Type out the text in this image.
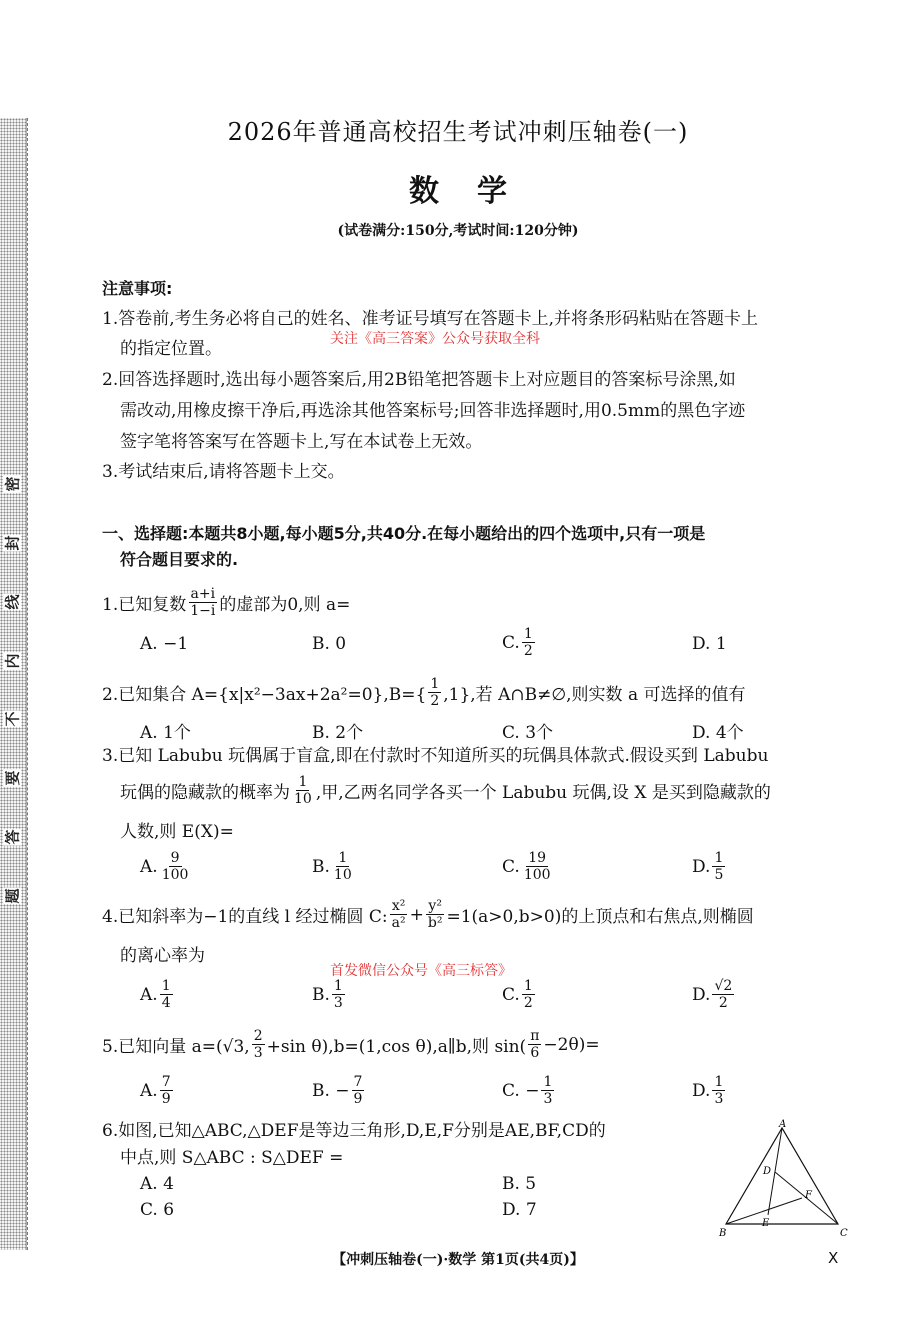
密
封
线
内
不
要
答
题
2026年普通高校招生考试冲刺压轴卷(一)
数学
(试卷满分:150分,考试时间:120分钟)
注意事项:
1.答卷前,考生务必将自己的姓名、准考证号填写在答题卡上,并将条形码粘贴在答题卡上
关注《高三答案》公众号获取全科
的指定位置。
2.回答选择题时,选出每小题答案后,用2B铅笔把答题卡上对应题目的答案标号涂黑,如
需改动,用橡皮擦干净后,再选涂其他答案标号;回答非选择题时,用0.5mm的黑色字迹
签字笔将答案写在答题卡上,写在本试卷上无效。
3.考试结束后,请将答题卡上交。
一、选择题:本题共8小题,每小题5分,共40分.在每小题给出的四个选项中,只有一项是
符合题目要求的.
1.已知复数 $\frac{a+i}{1-i}$ 的虚部为0,则 a=
A. −1	B. 0	C. $\frac{1}{2}$	D. 1
2.已知集合 $A=\{x|x^2-3ax+2a^2=0\},B=\{ \frac{1}{2} ,1\}$,若 A∩B≠∅,则实数 a 可选择的值有
A. 1个	B. 2个	C. 3个	D. 4个
3.已知 Labubu 玩偶属于盲盒,即在付款时不知道所买的玩偶具体款式.假设买到 Labubu
玩偶的隐藏款的概率为 $\frac{1}{10}$ ,甲,乙两名同学各买一个 Labubu 玩偶,设 X 是买到隐藏款的
人数,则 E(X)=
A. $\frac{9}{100}$	B. $\frac{1}{10}$	C. $\frac{19}{100}$	D. $\frac{1}{5}$
4.已知斜率为−1的直线 l 经过椭圆 C: $\frac{\text{x²}}{\text{a²}} + \frac{\text{y²}}{\text{b²}} =1(a>0,b>0)$的上顶点和右焦点,则椭圆
的离心率为
首发微信公众号《高三标答》
A. $\frac{1}{4}$	B. $\frac{1}{3}$	C. $\frac{1}{2}$	D. $\frac{√2}{2}$
5.已知向量 a=(√3, $\frac{2}{3} +\sin$ θ),b=(1,cos θ),a∥b,则 $\sin( \frac{\pi}{6} -2\theta)=$
A. $\frac{7}{9}$	B. − $\frac{7}{9}$	C. − $\frac{1}{3}$	D. $\frac{1}{3}$
6.如图,已知△ABC,△DEF是等边三角形,D,E,F分别是AE,BF,CD的
中点,则 S△ABC : S△DEF =
A. 4	B. 5
C. 6	D. 7
A
B	C
D
E
F
【冲刺压轴卷(一)·数学 第1页(共4页)】	X
